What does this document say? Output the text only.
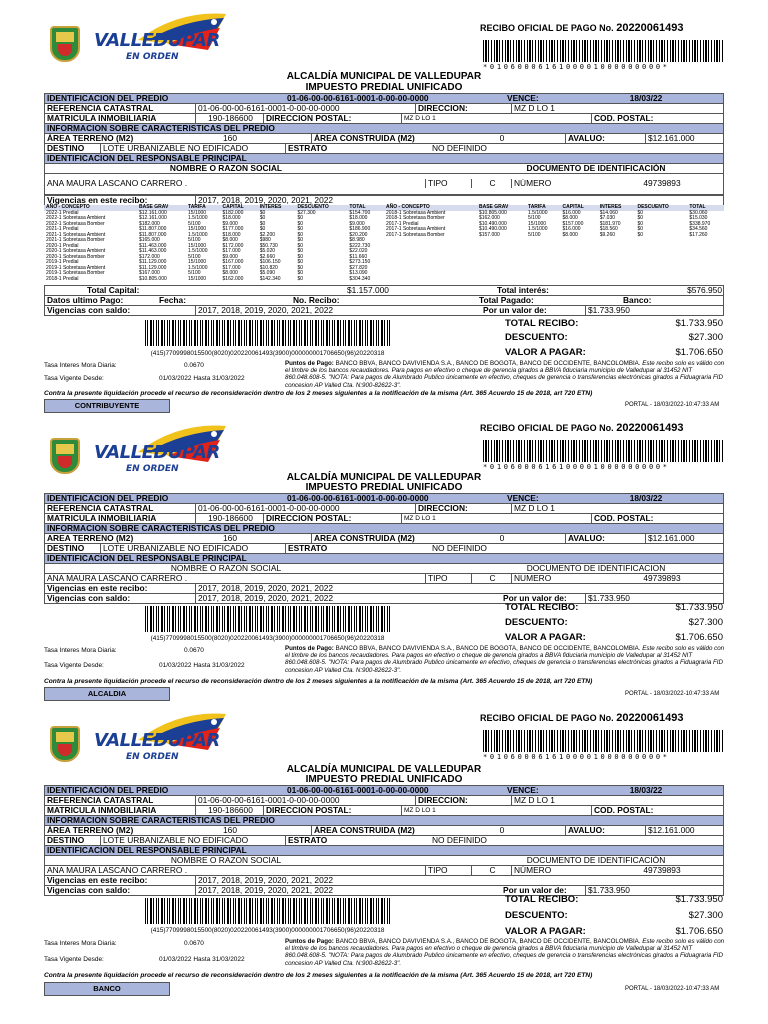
VALLEDUPAR
EN ORDEN
RECIBO OFICIAL DE PAGO No. 20220061493
*0106000616100001000000000*
ALCALDÍA MUNICIPAL DE VALLEDUPAR
IMPUESTO PREDIAL UNIFICADO
IDENTIFICACION DEL PREDIO	01-06-00-00-6161-0001-0-00-00-0000	VENCE:	18/03/22
REFERENCIA CATASTRAL	01-06-00-00-6161-0001-0-00-00-0000	DIRECCION:	MZ D LO 1
MATRICULA INMOBILIARIA	190-186600	DIRECCION POSTAL:	MZ D LO 1	COD. POSTAL:
INFORMACION SOBRE CARACTERISTICAS DEL PREDIO
ÁREA TERRENO (M2)	160	ÁREA CONSTRUIDA (M2)	0	AVALUO:	$12.161.000
DESTINO	LOTE URBANIZABLE NO EDIFICADO	ESTRATO	NO DEFINIDO
IDENTIFICACION DEL RESPONSABLE PRINCIPAL
NOMBRE O RAZON SOCIAL	DOCUMENTO DE IDENTIFICACIÓN
ANA MAURA LASCANO CARRERO .	TIPO	C	NÚMERO	49739893
Vigencias en este recibo:	2017, 2018, 2019, 2020, 2021, 2022
AÑO - CONCEPTO	BASE GRAV	TARIFA	CAPITAL	INTERES	DESCUENTO	TOTAL
2022-1 Predial	$12.161.000	15/1000	$182.000	$0	$27.300	$154.700
2022-1 Sobretasa Ambient	$12.161.000	1.5/1000	$18.000	$0	$0	$18.000
2022-1 Sobretasa Bomber	$182.000	5/100	$9.000	$0	$0	$9.000
2021-1 Predial	$11.807.000	15/1000	$177.000	$0	$0	$186.900
2021-1 Sobretasa Ambient	$11.807.000	1.5/1000	$18.000	$2.200	$0	$20.200
2021-1 Sobretasa Bomber	$165.000	5/100	$8.000	$980	$0	$8.980
2020-1 Predial	$11.463.000	15/1000	$172.000	$50.730	$0	$222.730
2020-1 Sobretasa Ambient	$11.463.000	1.5/1000	$17.000	$5.020	$0	$22.020
2020-1 Sobretasa Bomber	$172.000	5/100	$9.000	$2.660	$0	$11.660
2019-1 Predial	$11.129.000	15/1000	$167.000	$106.150	$0	$273.150
2019-1 Sobretasa Ambient	$11.129.000	1.5/1000	$17.000	$10.820	$0	$27.820
2019-1 Sobretasa Bomber	$167.000	5/100	$8.000	$5.090	$0	$13.090
2018-1 Predial	$10.805.000	15/1000	$162.000	$142.340	$0	$304.340
AÑO - CONCEPTO	BASE GRAV	TARIFA	CAPITAL	INTERES	DESCUENTO	TOTAL
2018-1 Sobretasa Ambient	$10.805.000	1.5/1000	$16.000	$14.060	$0	$30.060
2018-1 Sobretasa Bomber	$162.000	5/100	$8.000	$7.030	$0	$15.030
2017-1 Predial	$10.490.000	15/1000	$157.000	$181.970	$0	$338.970
2017-1 Sobretasa Ambient	$10.490.000	1.5/1000	$16.000	$18.560	$0	$34.560
2017-1 Sobretasa Bomber	$157.000	5/100	$8.000	$9.260	$0	$17.260
Total Capital:	$1.157.000	Total interés:	$576.950
Datos ultimo Pago:	Fecha:	No. Recibo:	Total Pagado:	Banco:
Vigencias con saldo:	2017, 2018, 2019, 2020, 2021, 2022	Por un valor de:	$1.733.950
TOTAL RECIBO:	$1.733.950
DESCUENTO:	$27.300
VALOR A PAGAR:	$1.706.650
(415)7709998015500(8020)020220061493(3900)000000001706650(96)20220318
Tasa Interes Mora Diaria:	0.0670
Tasa Vigente Desde:	01/03/2022 Hasta 31/03/2022
Puntos de Pago: BANCO BBVA, BANCO DAVIVIENDA S.A., BANCO DE BOGOTA, BANCO DE OCCIDENTE, BANCOLOMBIA. Este recibo solo es válido con el timbre de los bancos recaudadores. Para pagos en efectivo o cheque de gerencia girados a BBVA fiduciaria municipio de Valledupar al 31452 NIT 860.048.608-5. "NOTA: Para pagos de Alumbrado Publico únicamente en efectivo, cheques de gerencia o transferencias electrónicas girados a Fiduagraria FID concesion AP Valled Cta. N:900-82622-3".
Contra la presente liquidación procede el recurso de reconsideración dentro de los 2 meses siguientes a la notificación de la misma (Art. 365 Acuerdo 15 de 2018, art 720 ETN)
CONTRIBUYENTE	PORTAL - 18/03/2022-10:47:33 AM
VALLEDUPAR
EN ORDEN
RECIBO OFICIAL DE PAGO No. 20220061493
*0106000616100001000000000*
ALCALDÍA MUNICIPAL DE VALLEDUPAR
IMPUESTO PREDIAL UNIFICADO
IDENTIFICACION DEL PREDIO	01-06-00-00-6161-0001-0-00-00-0000	VENCE:	18/03/22
REFERENCIA CATASTRAL	01-06-00-00-6161-0001-0-00-00-0000	DIRECCION:	MZ D LO 1
MATRICULA INMOBILIARIA	190-186600	DIRECCION POSTAL:	MZ D LO 1	COD. POSTAL:
INFORMACION SOBRE CARACTERISTICAS DEL PREDIO
AREA TERRENO (M2)	160	AREA CONSTRUIDA (M2)	0	AVALUO:	$12.161.000
DESTINO	LOTE URBANIZABLE NO EDIFICADO	ESTRATO	NO DEFINIDO
IDENTIFICACION DEL RESPONSABLE PRINCIPAL
NOMBRE O RAZON SOCIAL	DOCUMENTO DE IDENTIFICACION
ANA MAURA LASCANO CARRERO .	TIPO	C	NUMERO	49739893
Vigencias en este recibo:	2017, 2018, 2019, 2020, 2021, 2022
Vigencias con saldo:	2017, 2018, 2019, 2020, 2021, 2022	Por un valor de:	$1.733.950
(415)7709998015500(8020)020220061493(3900)000000001706650(96)20220318
TOTAL RECIBO:	$1.733.950
DESCUENTO:	$27.300
VALOR A PAGAR:	$1.706.650
Tasa Interes Mora Diaria:	0.0670
Tasa Vigente Desde:	01/03/2022 Hasta 31/03/2022
Puntos de Pago: BANCO BBVA, BANCO DAVIVIENDA S.A., BANCO DE BOGOTA, BANCO DE OCCIDENTE, BANCOLOMBIA. Este recibo solo es válido con el timbre de los bancos recaudadores. Para pagos en efectivo o cheque de gerencia girados a BBVA fiduciaria municipio de Valledupar al 31452 NIT 860.048.608-5. "NOTA: Para pagos de Alumbrado Publico únicamente en efectivo, cheques de gerencia o transferencias electrónicas girados a Fiduagraria FID concesion AP Valled Cta. N:900-82622-3".
Contra la presente liquidación procede el recurso de reconsideración dentro de los 2 meses siguientes a la notificación de la misma (Art. 365 Acuerdo 15 de 2018, art 720 ETN)
ALCALDIA	PORTAL - 18/03/2022-10:47:33 AM
VALLEDUPAR
EN ORDEN
RECIBO OFICIAL DE PAGO No. 20220061493
*0106000616100001000000000*
ALCALDÍA MUNICIPAL DE VALLEDUPAR
IMPUESTO PREDIAL UNIFICADO
IDENTIFICACIÓN DEL PREDIO	01-06-00-00-6161-0001-0-00-00-0000	VENCE:	18/03/22
REFERENCIA CATASTRAL	01-06-00-00-6161-0001-0-00-00-0000	DIRECCION:	MZ D LO 1
MATRICULA INMOBILIARIA	190-186600	DIRECCION POSTAL:	MZ D LO 1	COD. POSTAL:
INFORMACION SOBRE CARACTERISTICAS DEL PREDIO
ÁREA TERRENO (M2)	160	ÁREA CONSTRUIDA (M2)	0	AVALUO:	$12.161.000
DESTINO	LOTE URBANIZABLE NO EDIFICADO	ESTRATO	NO DEFINIDO
IDENTIFICACION DEL RESPONSABLE PRINCIPAL
NOMBRE O RAZON SOCIAL	DOCUMENTO DE IDENTIFICACIÓN
ANA MAURA LASCANO CARRERO .	TIPO	C	NÚMERO	49739893
Vigencias en este recibo:	2017, 2018, 2019, 2020, 2021, 2022
Vigencias con saldo:	2017, 2018, 2019, 2020, 2021, 2022	Por un valor de:	$1.733.950
(415)7709998015500(8020)020220061493(3900)000000001706650(96)20220318
TOTAL RECIBO:	$1.733.950
DESCUENTO:	$27.300
VALOR A PAGAR:	$1.706.650
Tasa Interes Mora Diaria:	0.0670
Tasa Vigente Desde:	01/03/2022 Hasta 31/03/2022
Puntos de Pago: BANCO BBVA, BANCO DAVIVIENDA S.A., BANCO DE BOGOTA, BANCO DE OCCIDENTE, BANCOLOMBIA. Este recibo solo es válido con el timbre de los bancos recaudadores. Para pagos en efectivo o cheque de gerencia girados a BBVA fiduciaria municipio de Valledupar al 31452 NIT 860.048.608-5. "NOTA: Para pagos de Alumbrado Publico únicamente en efectivo, cheques de gerencia o transferencias electrónicas girados a Fiduagraria FID concesion AP Valled Cta. N:900-82622-3".
Contra la presente liquidación procede el recurso de reconsideración dentro de los 2 meses siguientes a la notificación de la misma (Art. 365 Acuerdo 15 de 2018, art 720 ETN)
BANCO	PORTAL - 18/03/2022-10:47:33 AM
